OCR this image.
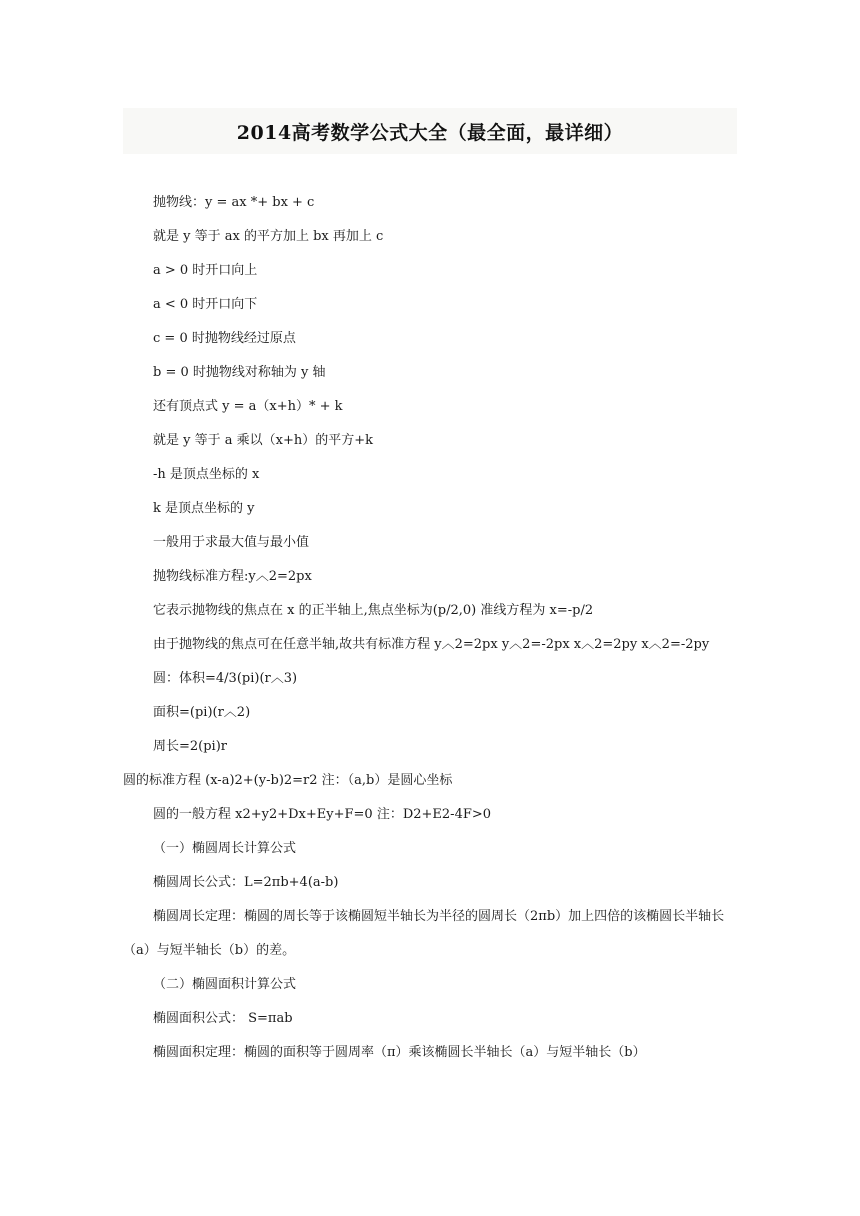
2014高考数学公式大全（最全面，最详细）
抛物线：y = ax *+ bx + c
就是 y 等于 ax 的平方加上 bx 再加上 c
a > 0 时开口向上
a < 0 时开口向下
c = 0 时抛物线经过原点
b = 0 时抛物线对称轴为 y 轴
还有顶点式 y = a（x+h）* + k
就是 y 等于 a 乘以（x+h）的平方+k
-h 是顶点坐标的 x
k 是顶点坐标的 y
一般用于求最大值与最小值
抛物线标准方程:y︿2=2px
它表示抛物线的焦点在 x 的正半轴上,焦点坐标为(p/2,0) 准线方程为 x=-p/2
由于抛物线的焦点可在任意半轴,故共有标准方程 y︿2=2px y︿2=-2px x︿2=2py x︿2=-2py
圆：体积=4/3(pi)(r︿3)
面积=(pi)(r︿2)
周长=2(pi)r
圆的标准方程 (x-a)2+(y-b)2=r2 注：（a,b）是圆心坐标
圆的一般方程 x2+y2+Dx+Ey+F=0 注：D2+E2-4F>0
（一）椭圆周长计算公式
椭圆周长公式：L=2πb+4(a-b)
椭圆周长定理：椭圆的周长等于该椭圆短半轴长为半径的圆周长（2πb）加上四倍的该椭圆长半轴长（a）与短半轴长（b）的差。
（二）椭圆面积计算公式
椭圆面积公式： S=πab
椭圆面积定理：椭圆的面积等于圆周率（π）乘该椭圆长半轴长（a）与短半轴长（b）
